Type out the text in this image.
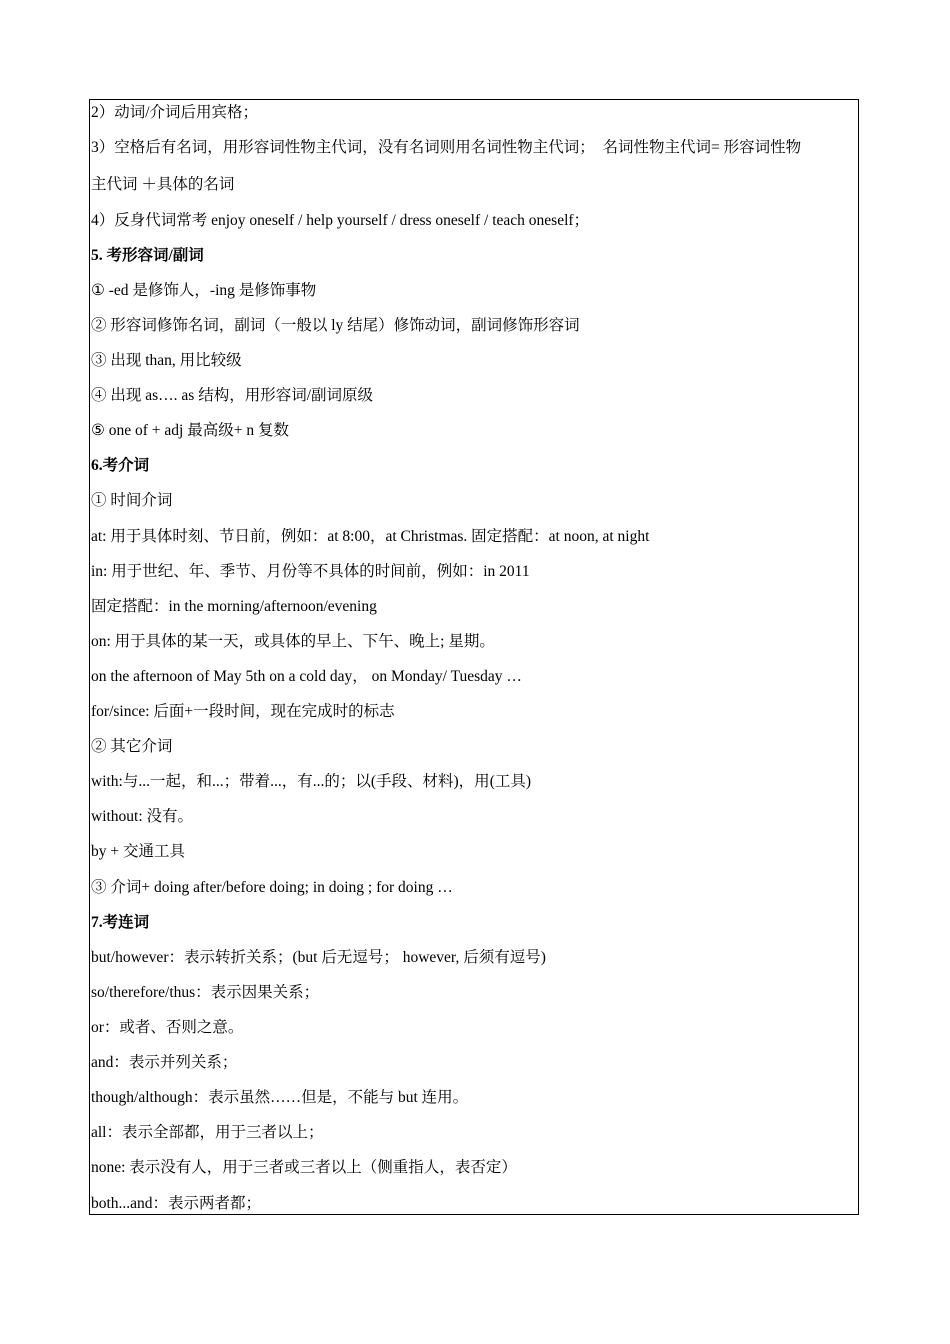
2）动词/介词后用宾格；
3）空格后有名词，用形容词性物主代词，没有名词则用名词性物主代词；　名词性物主代词= 形容词性物
主代词 ＋具体的名词
4）反身代词常考 enjoy oneself / help yourself / dress oneself / teach oneself；
5. 考形容词/副词
① -ed 是修饰人，-ing 是修饰事物
② 形容词修饰名词，副词（一般以 ly 结尾）修饰动词，副词修饰形容词
③ 出现 than, 用比较级
④ 出现 as…. as 结构，用形容词/副词原级
⑤ one of + adj 最高级+ n 复数
6.考介词
① 时间介词
at: 用于具体时刻、节日前，例如：at 8:00，at Christmas. 固定搭配：at noon, at night
in: 用于世纪、年、季节、月份等不具体的时间前，例如：in 2011
固定搭配：in the morning/afternoon/evening
on: 用于具体的某一天，或具体的早上、下午、晚上; 星期。
on the afternoon of May 5th on a cold day， on Monday/ Tuesday …
for/since: 后面+一段时间，现在完成时的标志
② 其它介词
with:与...一起，和...；带着...，有...的；以(手段、材料)，用(工具)
without: 没有。
by + 交通工具
③ 介词+ doing after/before doing; in doing ; for doing …
7.考连词
but/however：表示转折关系；(but 后无逗号； however, 后须有逗号)
so/therefore/thus：表示因果关系；
or：或者、否则之意。
and：表示并列关系；
though/although：表示虽然……但是，不能与 but 连用。
all：表示全部都，用于三者以上；
none: 表示没有人，用于三者或三者以上（侧重指人，表否定）
both...and：表示两者都；
